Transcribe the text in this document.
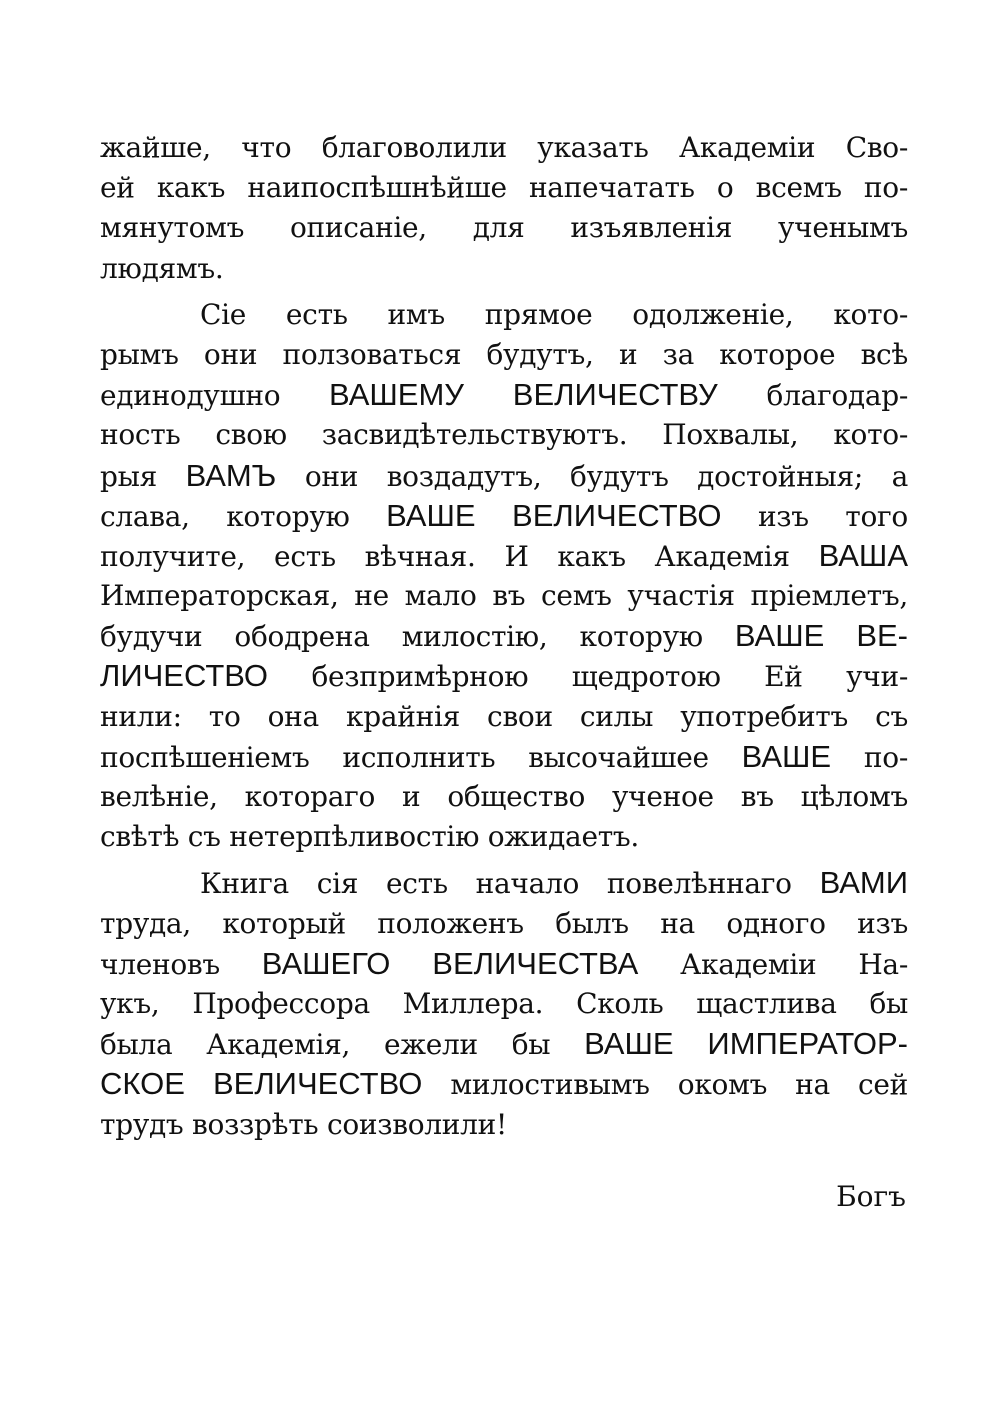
жайше, что благоволили указать Академіи Сво-
ей какъ наипоспѣшнѣйше напечатать о всемъ по-
мянутомъ описаніе, для изъявленія ученымъ
людямъ.
Сіе есть имъ прямое одолженіе, кото-
рымъ они ползоваться будутъ, и за которое всѣ
единодушно ВАШЕМУ ВЕЛИЧЕСТВУ благодар-
ность свою засвидѣтельствуютъ. Похвалы, кото-
рыя ВАМЪ они воздадутъ, будутъ достойныя; а
слава, которую ВАШЕ ВЕЛИЧЕСТВО изъ того
получите, есть вѣчная. И какъ Академія ВАША
Императорская, не мало въ семъ участія пріемлетъ,
будучи ободрена милостію, которую ВАШЕ ВЕ-
ЛИЧЕСТВО безпримѣрною щедротою Ей учи-
нили: то она крайнія свои силы употребитъ съ
поспѣшеніемъ исполнить высочайшее ВАШЕ по-
велѣніе, котораго и общество ученое въ цѣломъ
свѣтѣ съ нетерпѣливостію ожидаетъ.
Книга сія есть начало повелѣннаго ВАМИ
труда, который положенъ былъ на одного изъ
членовъ ВАШЕГО ВЕЛИЧЕСТВА Академіи На-
укъ, Профессора Миллера. Сколь щастлива бы
была Академія, ежели бы ВАШЕ ИМПЕРАТОР-
СКОЕ ВЕЛИЧЕСТВО милостивымъ окомъ на сей
трудъ воззрѣть соизволили!
Богъ
